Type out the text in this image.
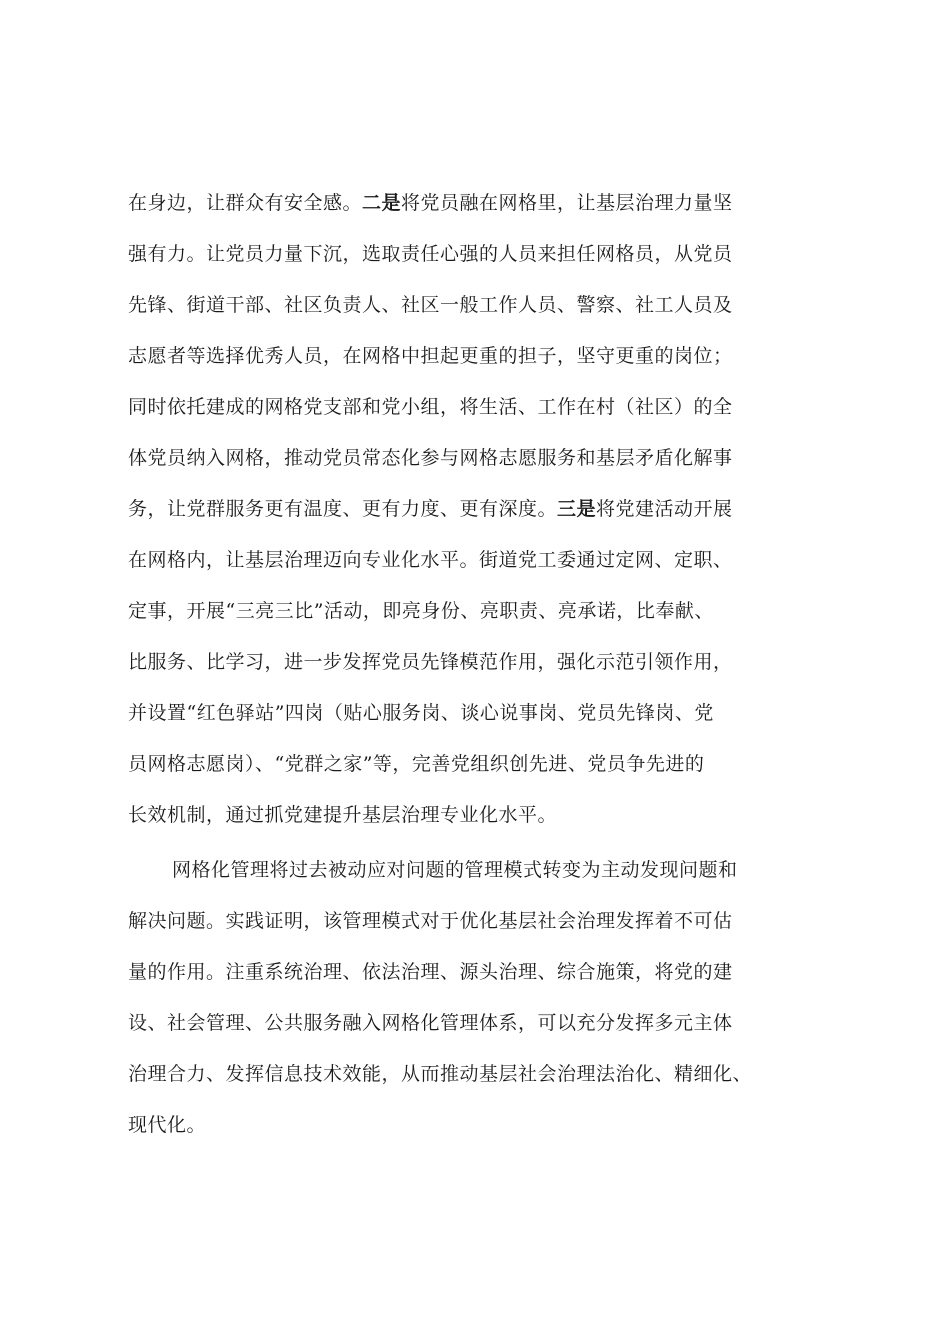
在身边，让群众有安全感。二是将党员融在网格里，让基层治理力量坚
强有力。让党员力量下沉，选取责任心强的人员来担任网格员，从党员
先锋、街道干部、社区负责人、社区一般工作人员、警察、社工人员及
志愿者等选择优秀人员，在网格中担起更重的担子，坚守更重的岗位；
同时依托建成的网格党支部和党小组，将生活、工作在村（社区）的全
体党员纳入网格，推动党员常态化参与网格志愿服务和基层矛盾化解事
务，让党群服务更有温度、更有力度、更有深度。三是将党建活动开展
在网格内，让基层治理迈向专业化水平。街道党工委通过定网、定职、
定事，开展“三亮三比”活动，即亮身份、亮职责、亮承诺，比奉献、
比服务、比学习，进一步发挥党员先锋模范作用，强化示范引领作用，
并设置“红色驿站”四岗（贴心服务岗、谈心说事岗、党员先锋岗、党
员网格志愿岗）、“党群之家”等，完善党组织创先进、党员争先进的
长效机制，通过抓党建提升基层治理专业化水平。
网格化管理将过去被动应对问题的管理模式转变为主动发现问题和
解决问题。实践证明，该管理模式对于优化基层社会治理发挥着不可估
量的作用。注重系统治理、依法治理、源头治理、综合施策，将党的建
设、社会管理、公共服务融入网格化管理体系，可以充分发挥多元主体
治理合力、发挥信息技术效能，从而推动基层社会治理法治化、精细化、
现代化。
